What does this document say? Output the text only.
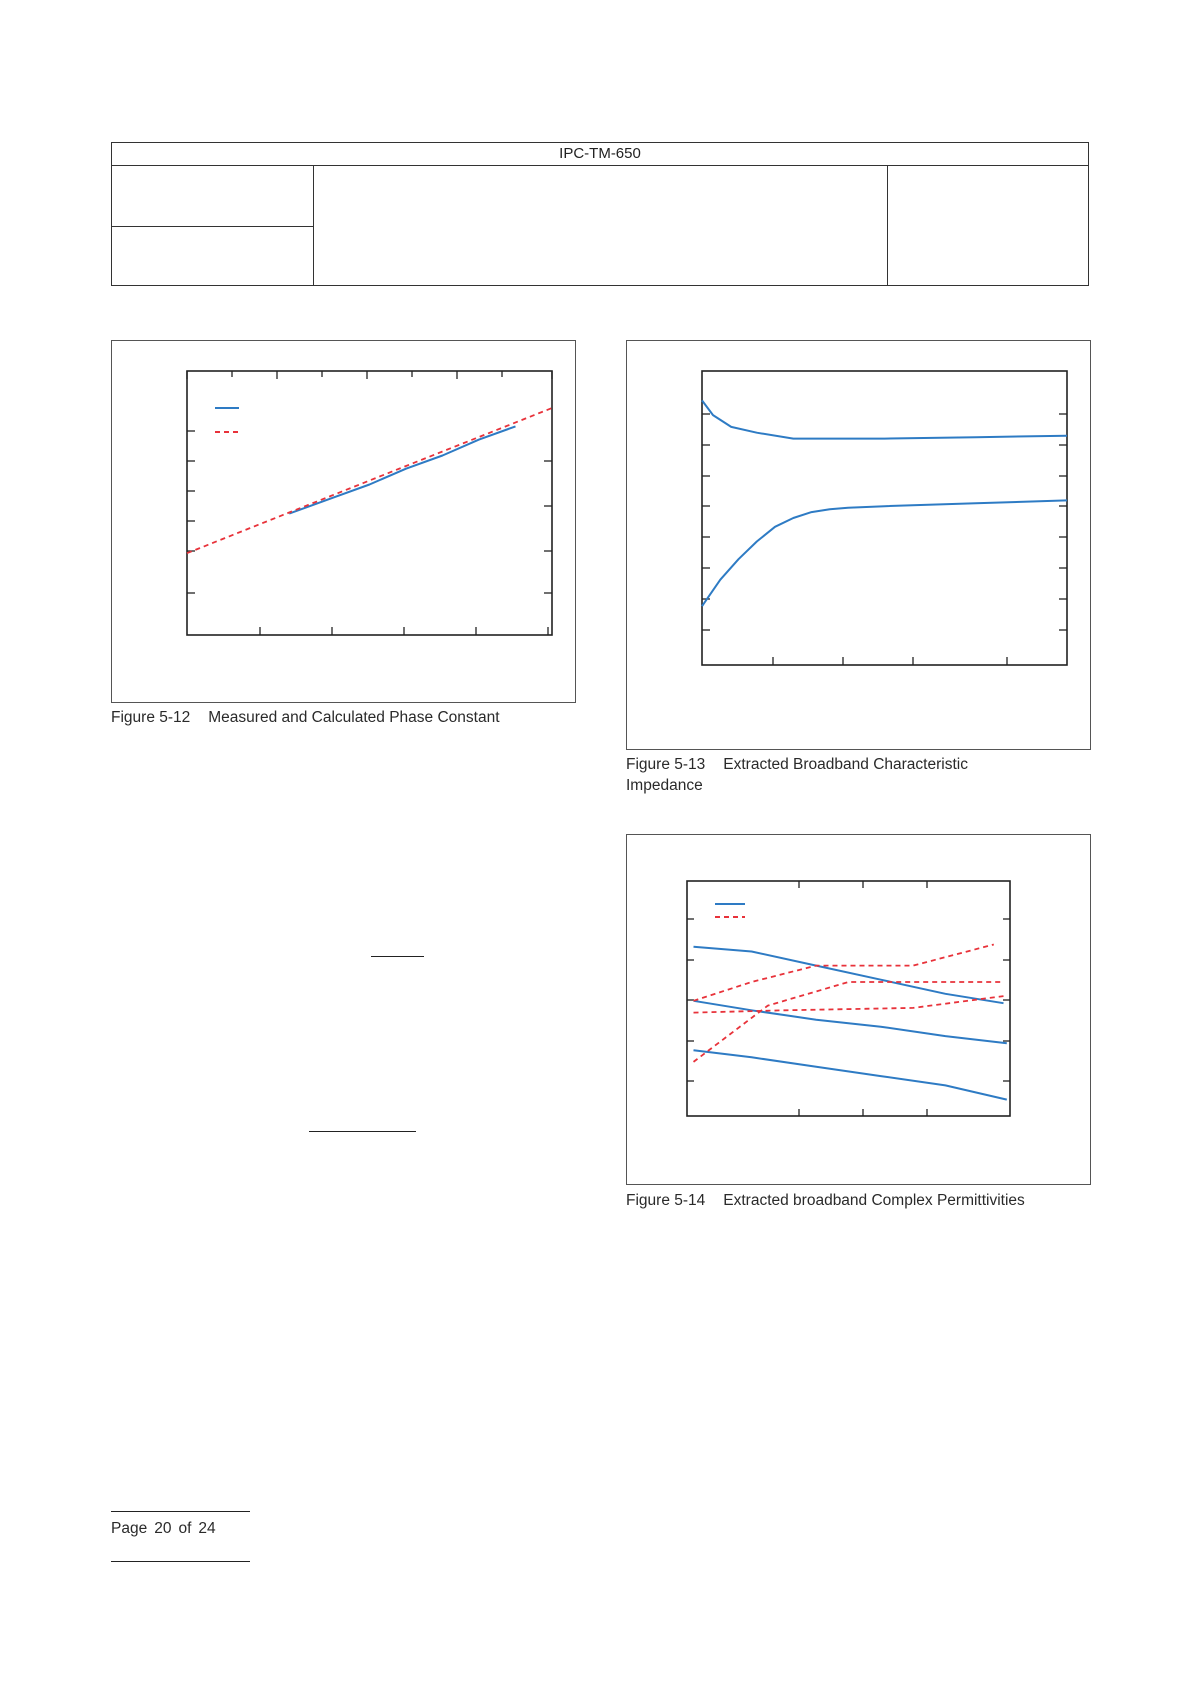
IPC-TM-650
Figure 5-12 Measured and Calculated Phase Constant
Figure 5-13 Extracted Broadband Characteristic
Impedance
Figure 5-14 Extracted broadband Complex Permittivities
Page 20 of 24
